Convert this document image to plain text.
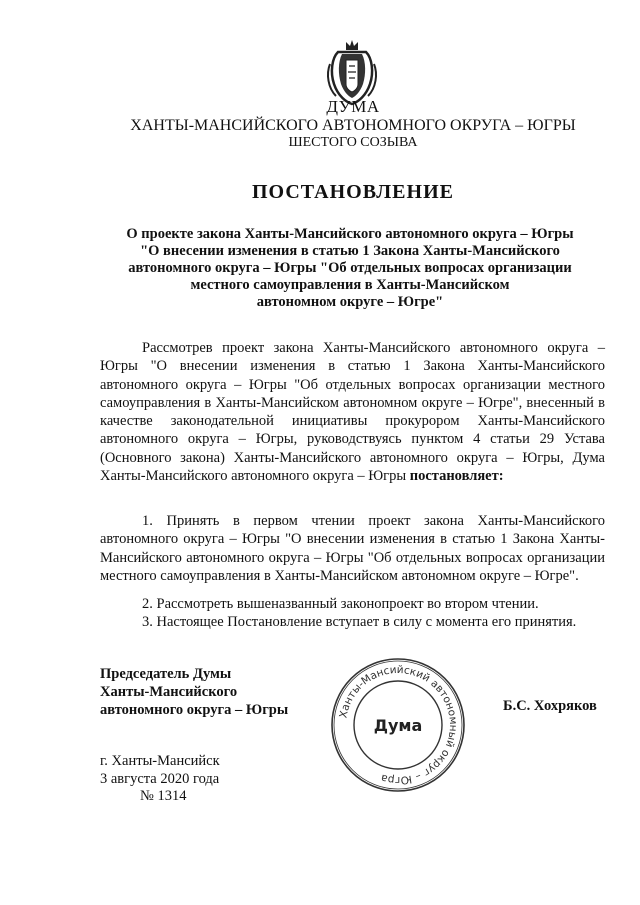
ДУМА
ХАНТЫ-МАНСИЙСКОГО АВТОНОМНОГО ОКРУГА – ЮГРЫ
ШЕСТОГО СОЗЫВА
ПОСТАНОВЛЕНИЕ
О проекте закона Ханты-Мансийского автономного округа – Югры
"О внесении изменения в статью 1 Закона Ханты-Мансийского
автономного округа – Югры "Об отдельных вопросах организации
местного самоуправления в Ханты-Мансийском
автономном округе – Югре"

Рассмотрев проект закона Ханты-Мансийского автономного округа – Югры "О внесении изменения в статью 1 Закона Ханты-Мансийского автономного округа – Югры "Об отдельных вопросах организации местного самоуправления в Ханты-Мансийском автономном округе – Югре", внесенный в качестве законодательной инициативы прокурором Ханты-Мансийского автономного округа – Югры, руководствуясь пунктом 4 статьи 29 Устава (Основного закона) Ханты-Мансийского автономного округа – Югры, Дума Ханты-Мансийского автономного округа – Югры постановляет:

1. Принять в первом чтении проект закона Ханты-Мансийского автономного округа – Югры "О внесении изменения в статью 1 Закона Ханты-Мансийского автономного округа – Югры "Об отдельных вопросах организации местного самоуправления в Ханты-Мансийском автономном округе – Югре".

2. Рассмотреть вышеназванный законопроект во втором чтении.

3. Настоящее Постановление вступает в силу с момента его принятия.

Председатель Думы
Ханты-Мансийского
автономного округа – Югры	Ханты-Мансийский автономный округ – Югра
Дума
Б.С. Хохряков
г. Ханты-Мансийск
3 августа 2020 года
№ 1314
